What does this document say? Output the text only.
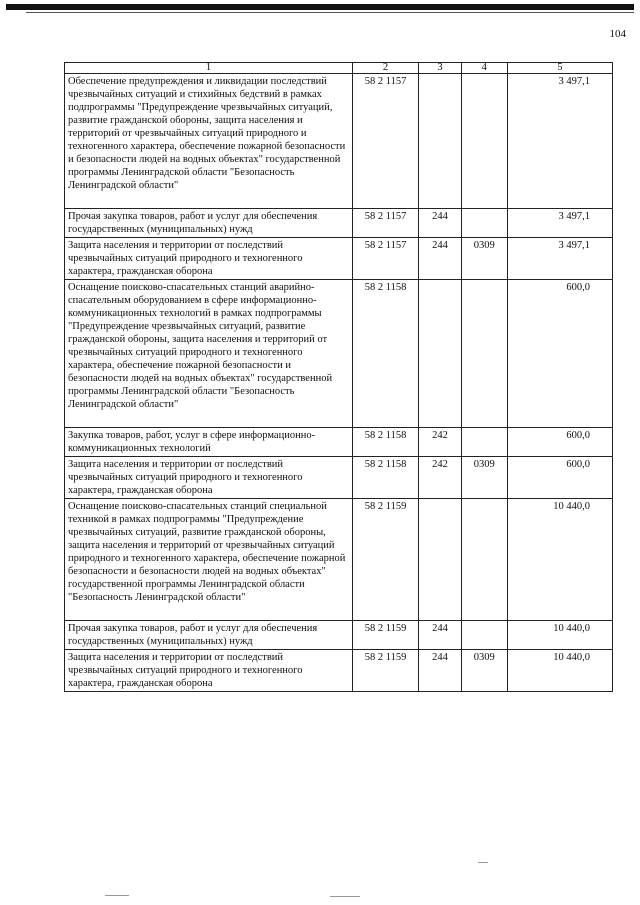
104
1	2	3	4	5
Обеспечение предупреждения и ликвидации последствий чрезвычайных ситуаций и стихийных бедствий в рамках подпрограммы "Предупреждение чрезвычайных ситуаций, развитие гражданской обороны, защита населения и территорий от чрезвычайных ситуаций природного и техногенного характера, обеспечение пожарной безопасности и безопасности людей на водных объектах" государственной программы Ленинградской области "Безопасность Ленинградской области"	58 2 1157			3 497,1
Прочая закупка товаров, работ и услуг для обеспечения государственных (муниципальных) нужд	58 2 1157	244		3 497,1
Защита населения и территории от последствий чрезвычайных ситуаций природного и техногенного характера, гражданская оборона	58 2 1157	244	0309	3 497,1
Оснащение поисково-спасательных станций аварийно-спасательным оборудованием в сфере информационно-коммуникационных технологий в рамках подпрограммы "Предупреждение чрезвычайных ситуаций, развитие гражданской обороны, защита населения и территорий от чрезвычайных ситуаций природного и техногенного характера, обеспечение пожарной безопасности и безопасности людей на водных объектах" государственной программы Ленинградской области "Безопасность Ленинградской области"	58 2 1158			600,0
Закупка товаров, работ, услуг в сфере информационно-коммуникационных технологий	58 2 1158	242		600,0
Защита населения и территории от последствий чрезвычайных ситуаций природного и техногенного характера, гражданская оборона	58 2 1158	242	0309	600,0
Оснащение поисково-спасательных станций специальной техникой в рамках подпрограммы "Предупреждение чрезвычайных ситуаций, развитие гражданской обороны, защита населения и территорий от чрезвычайных ситуаций природного и техногенного характера, обеспечение пожарной безопасности и безопасности людей на водных объектах" государственной программы Ленинградской области "Безопасность Ленинградской области"	58 2 1159			10 440,0
Прочая закупка товаров, работ и услуг для обеспечения государственных (муниципальных) нужд	58 2 1159	244		10 440,0
Защита населения и территории от последствий чрезвычайных ситуаций природного и техногенного характера, гражданская оборона	58 2 1159	244	0309	10 440,0
